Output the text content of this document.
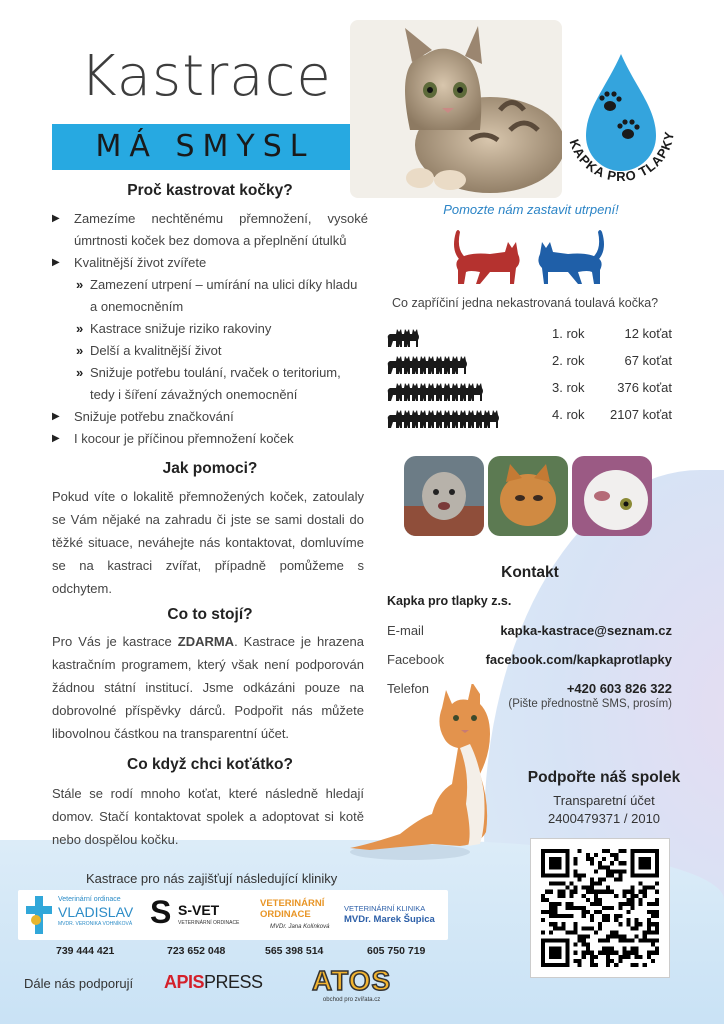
Kastrace
MÁ SMYSL	KAPKA PRO TLAPKY
Proč kastrovat kočky?
▶ Zamezíme nechtěnému přemnožení, vysoké úmrtnosti koček bez domova a přeplnění útulků
▶ Kvalitnější život zvířete
» Zamezení utrpení – umírání na ulici díky hladu a onemocněním
» Kastrace snižuje riziko rakoviny
» Delší a kvalitnější život
» Snižuje potřebu toulání, rvaček o teritorium, tedy i šíření závažných onemocnění
▶ Snižuje potřebu značkování
▶ I kocour je příčinou přemnožení koček
Jak pomoci?
Pokud víte o lokalitě přemnožených koček, zatoulaly se Vám nějaké na zahradu či jste se sami dostali do těžké situace, neváhejte nás kontaktovat, domluvíme se na kastraci zvířat, případně pomůžeme s odchytem.
Co to stojí?
Pro Vás je kastrace ZDARMA. Kastrace je hrazena kastračním programem, který však není podporován žádnou státní institucí. Jsme odkázáni pouze na dobrovolné příspěvky dárců. Podpořit nás můžete libovolnou částkou na transparentní účet.
Co když chci koťátko?
Stále se rodí mnoho koťat, které následně hledají domov. Stačí kontaktovat spolek a adoptovat si kotě nebo dospělou kočku.
Pomozte nám zastavit utrpení!
Co zapříčiní jedna nekastrovaná toulavá kočka?
1. rok	12 koťat
2. rok	67 koťat
3. rok	376 koťat
4. rok	2107 koťat
Kontakt
Kapka pro tlapky z.s.
E-mail	kapka-kastrace@seznam.cz
Facebook	facebook.com/kapkaprotlapky
Telefon	+420 603 826 322
(Pište přednostně SMS, prosím)
Podpořte náš spolek
Transparetní účet
2400479371 / 2010
Kastrace pro nás zajišťují následující kliniky
Veterinární ordinace
VLADISLAV
MVDR. VERONIKA VOHNÍKOVÁ S S-VET
VETERINÁRNÍ ORDINACE
VETERINÁRNÍ ORDINACE
MVDr. Jana Kolínková
VETERINÁRNÍ KLINIKA
MVDr. Marek Šupica
739 444 421	723 652 048	565 398 514	605 750 719
Dále nás podporují APISPRESS ATOS
obchod pro zvířata.cz
